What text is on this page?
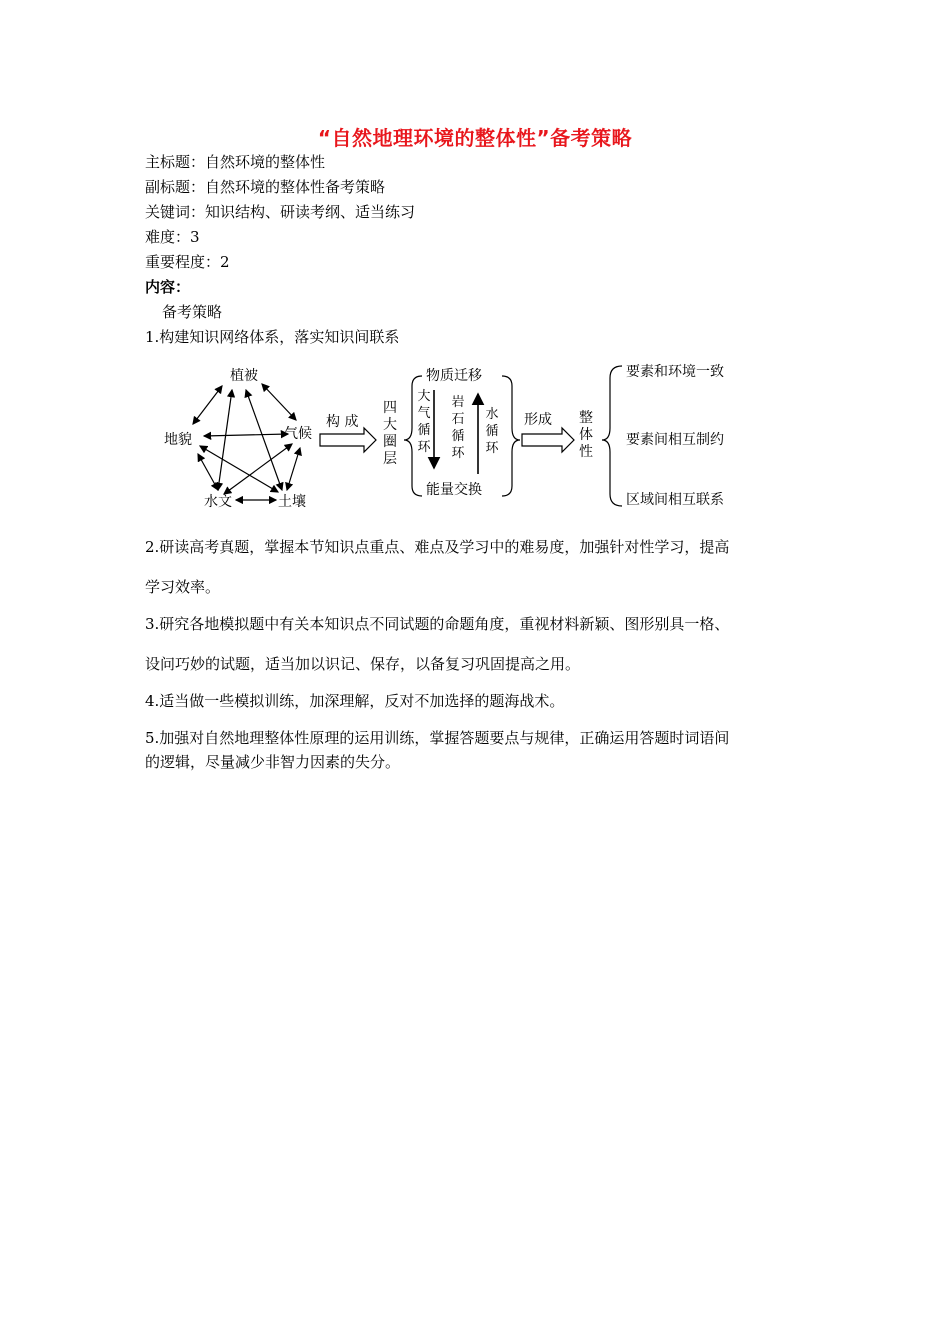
“自然地理环境的整体性”备考策略
主标题：自然环境的整体性
副标题：自然环境的整体性备考策略
关键词：知识结构、研读考纲、适当练习
难度：3
重要程度：2
内容：
备考策略
1.构建知识网络体系，落实知识间联系
植被
地貌	气候
水文	土壤
构 成
四大圈层
物质迁移
能量交换
大气循环
岩石循环
水循环
形成 整体性
要素和环境一致
要素间相互制约
区域间相互联系
2.研读高考真题，掌握本节知识点重点、难点及学习中的难易度，加强针对性学习，提高
学习效率。
3.研究各地模拟题中有关本知识点不同试题的命题角度，重视材料新颖、图形别具一格、
设问巧妙的试题，适当加以识记、保存，以备复习巩固提高之用。
4.适当做一些模拟训练，加深理解，反对不加选择的题海战术。
5.加强对自然地理整体性原理的运用训练，掌握答题要点与规律，正确运用答题时词语间
的逻辑，尽量减少非智力因素的失分。
